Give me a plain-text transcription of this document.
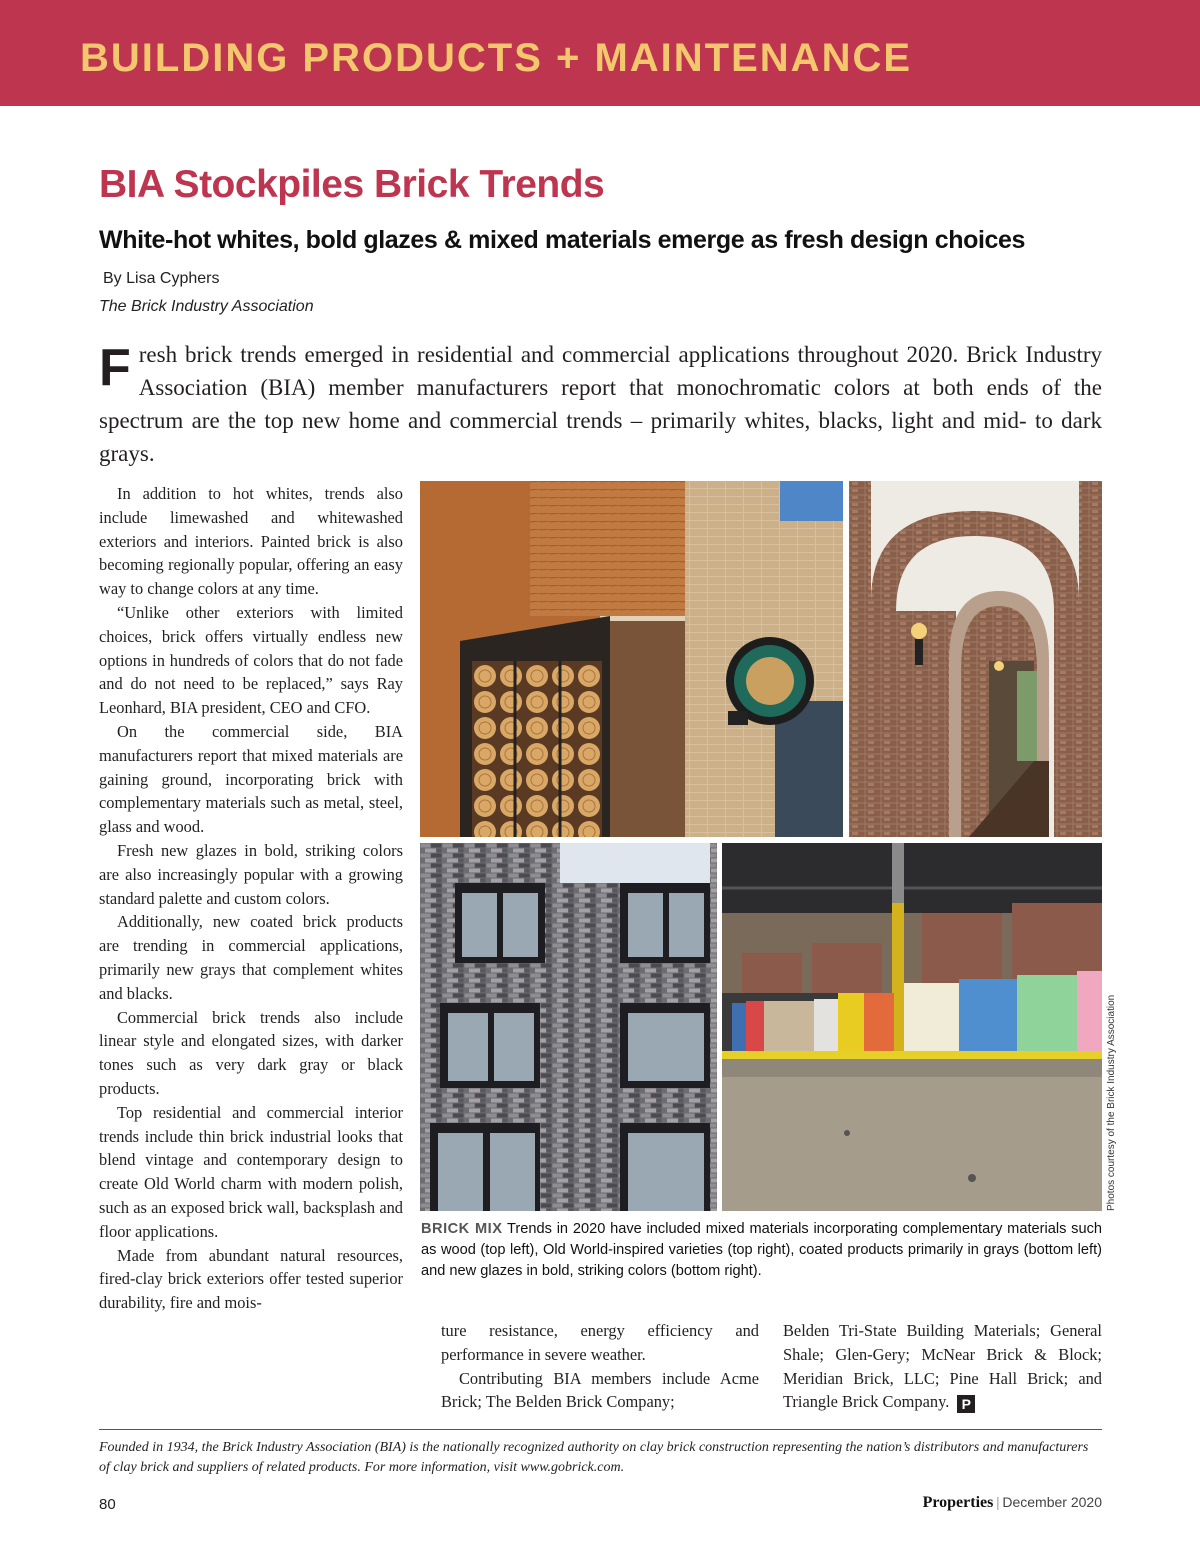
BUILDING PRODUCTS + MAINTENANCE
BIA Stockpiles Brick Trends
White-hot whites, bold glazes & mixed materials emerge as fresh design choices
By Lisa Cyphers
The Brick Industry Association
Fresh brick trends emerged in residential and commercial applications throughout 2020. Brick Industry Association (BIA) member manufacturers report that monochromatic colors at both ends of the spectrum are the top new home and commercial trends – primarily whites, blacks, light and mid- to dark grays.

In addition to hot whites, trends also include limewashed and whitewashed exteriors and interiors. Painted brick is also becoming regionally popular, offering an easy way to change colors at any time.

“Unlike other exteriors with limited choices, brick offers virtually endless new options in hundreds of colors that do not fade and do not need to be replaced,” says Ray Leonhard, BIA president, CEO and CFO.

On the commercial side, BIA manufacturers report that mixed materials are gaining ground, incorporating brick with complementary materials such as metal, steel, glass and wood.

Fresh new glazes in bold, striking colors are also increasingly popular with a growing standard palette and custom colors.

Additionally, new coated brick products are trending in commercial applications, primarily new grays that complement whites and blacks.

Commercial brick trends also include linear style and elongated sizes, with darker tones such as very dark gray or black products.

Top residential and commercial interior trends include thin brick industrial looks that blend vintage and contemporary design to create Old World charm with modern polish, such as an exposed brick wall, backsplash and floor applications.

Made from abundant natural resources, fired-clay brick exteriors offer tested superior durability, fire and mois-

ture resistance, energy efficiency and performance in severe weather.

Contributing BIA members include Acme Brick; The Belden Brick Company;

Belden Tri-State Building Materials; General Shale; Glen-Gery; McNear Brick & Block; Meridian Brick, LLC; Pine Hall Brick; and Triangle Brick Company. P

Photos courtesy of the Brick Industry Association
BRICK MIX Trends in 2020 have included mixed materials incorporating complementary materials such as wood (top left), Old World-inspired varieties (top right), coated products primarily in grays (bottom left) and new glazes in bold, striking colors (bottom right).
Founded in 1934, the Brick Industry Association (BIA) is the nationally recognized authority on clay brick construction representing the nation’s distributors and manufacturers of clay brick and suppliers of related products. For more information, visit www.gobrick.com.
80	Properties | December 2020
